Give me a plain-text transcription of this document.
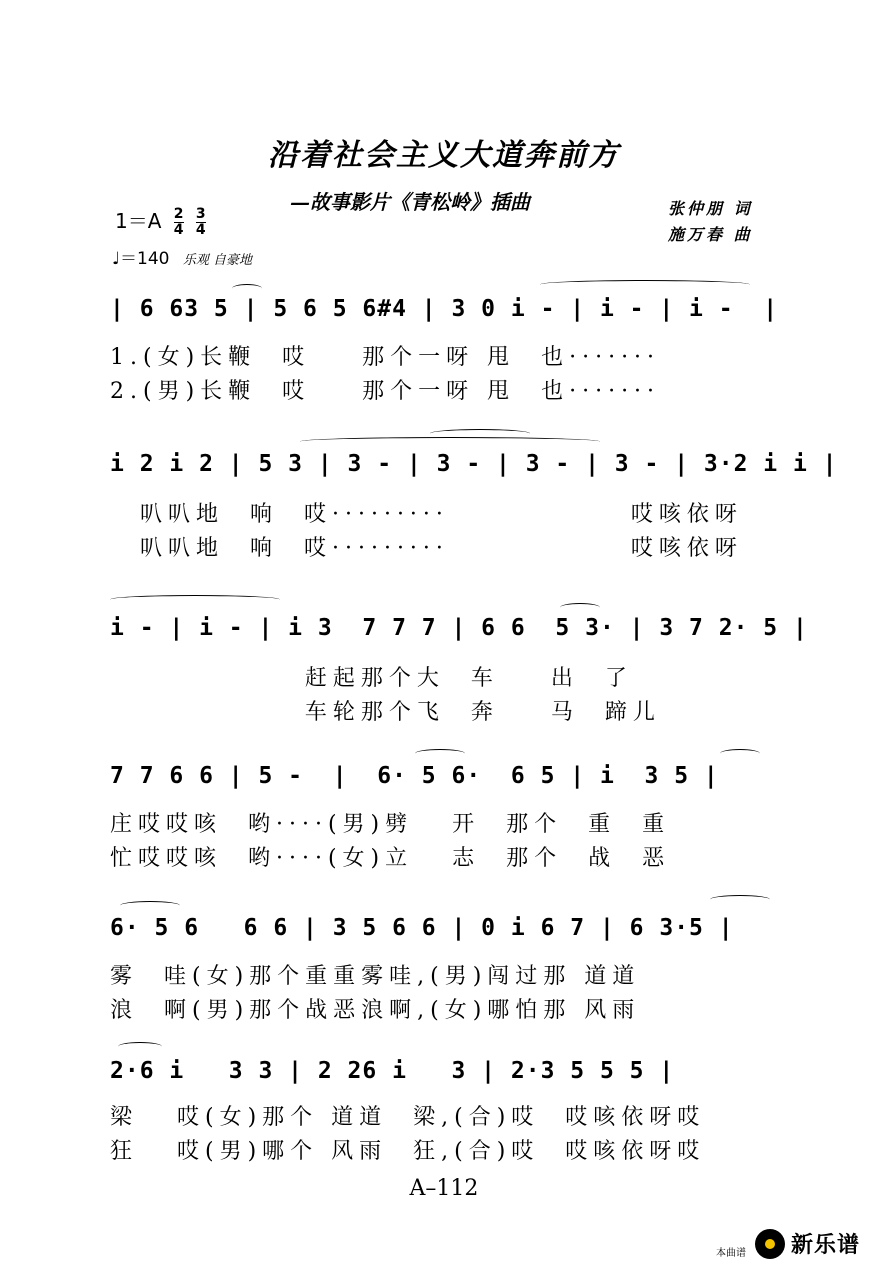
沿着社会主义大道奔前方
—故事影片《青松岭》插曲	张仲朋 词
施万春 曲
$1=A \frac{2}{4}$
$\frac{3}{4}$
♩＝140 乐观 自豪地
| 6 63 5 | 5 6 5 6#4 | 3 0 i - | i - | i -  |
1.(女)长鞭  哎    那个一呀 甩  也·······
2.(男)长鞭  哎    那个一呀 甩  也·······
i 2 i 2 | 5 3 | 3 - | 3 - | 3 - | 3 - | 3·2 i i |
叭叭地  响  哎·········              哎咳依呀
叭叭地  响  哎·········              哎咳依呀
i - | i - | i 3  7 7 7 | 6 6  5 3· | 3 7 2· 5 |
赶起那个大  车    出  了
车轮那个飞  奔    马  蹄儿
7 7 6 6 | 5 -  |  6· 5 6·  6 5 | i  3 5 |
庄哎哎咳  哟····(男)劈   开  那个  重  重
忙哎哎咳  哟····(女)立   志  那个  战  恶
6· 5 6   6 6 | 3 5 6 6 | 0 i 6 7 | 6 3·5 |
雾  哇(女)那个重重雾哇,(男)闯过那 道道
浪  啊(男)那个战恶浪啊,(女)哪怕那 风雨
2·6 i   3 3 | 2 26 i   3 | 2·3 5 5 5 |
梁   哎(女)那个 道道  梁,(合)哎  哎咳依呀哎
狂   哎(男)哪个 风雨  狂,(合)哎  哎咳依呀哎
A–112
本曲谱 新乐谱
